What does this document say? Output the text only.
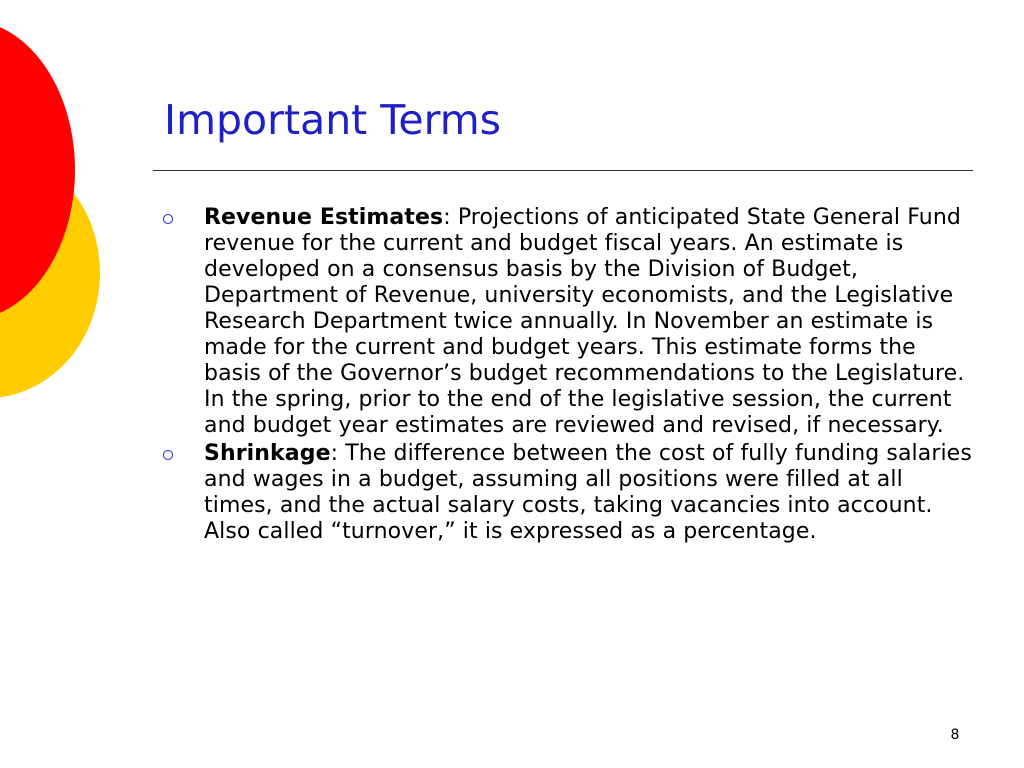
Important Terms
Revenue Estimates: Projections of anticipated State General Fund revenue for the current and budget fiscal years. An estimate is developed on a consensus basis by the Division of Budget, Department of Revenue, university economists, and the Legislative Research Department twice annually. In November an estimate is made for the current and budget years. This estimate forms the basis of the Governor’s budget recommendations to the Legislature. In the spring, prior to the end of the legislative session, the current and budget year estimates are reviewed and revised, if necessary.
Shrinkage: The difference between the cost of fully funding salaries and wages in a budget, assuming all positions were filled at all times, and the actual salary costs, taking vacancies into account. Also called “turnover,” it is expressed as a percentage.
8
